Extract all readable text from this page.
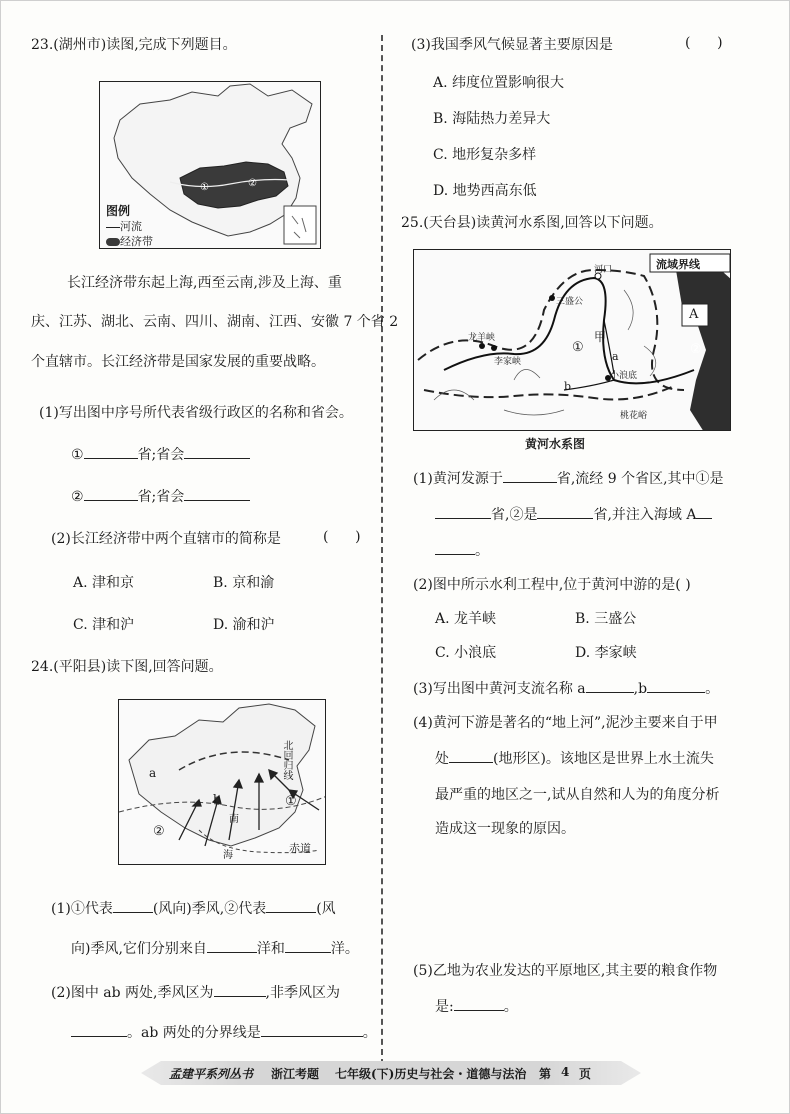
23.(湖州市)读图,完成下列题目。
①	②
图例
河流
经济带
长江经济带东起上海,西至云南,涉及上海、重
庆、江苏、湖北、云南、四川、湖南、江西、安徽 7 个省 2
个直辖市。长江经济带是国家发展的重要战略。
(1)写出图中序号所代表省级行政区的名称和省会。
①	省;省会
②	省;省会
(2)长江经济带中两个直辖市的简称是	(      )
A. 津和京	B. 京和渝
C. 津和沪	D. 渝和沪
24.(平阳县)读下图,回答问题。
a
b	①
②
北回归线
赤道
南
海
(1)①代表	(风向)季风,②代表	(风
向)季风,它们分别来自	洋和	洋。
(2)图中 ab 两处,季风区为	,非季风区为
。ab 两处的分界线是	。
(3)我国季风气候显著主要原因是	(      )
A. 纬度位置影响很大
B. 海陆热力差异大
C. 地形复杂多样
D. 地势西高东低
25.(天台县)读黄河水系图,回答以下问题。
流域界线
A
①	②
甲
a
b
河口
三盛公
小浪底
桃花峪
龙羊峡
李家峡
黄河水系图
(1)黄河发源于	省,流经 9 个省区,其中①是
省,②是	省,并注入海域 A
。
(2)图中所示水利工程中,位于黄河中游的是( )
A. 龙羊峡	B. 三盛公
C. 小浪底	D. 李家峡
(3)写出图中黄河支流名称 a	,b	。
(4)黄河下游是著名的“地上河”,泥沙主要来自于甲
处	(地形区)。该地区是世界上水土流失
最严重的地区之一,试从自然和人为的角度分析
造成这一现象的原因。
(5)乙地为农业发达的平原地区,其主要的粮食作物
是:	。
孟建平系列丛书 浙江考题 七年级(下)历史与社会・道德与法治 第 4 页
